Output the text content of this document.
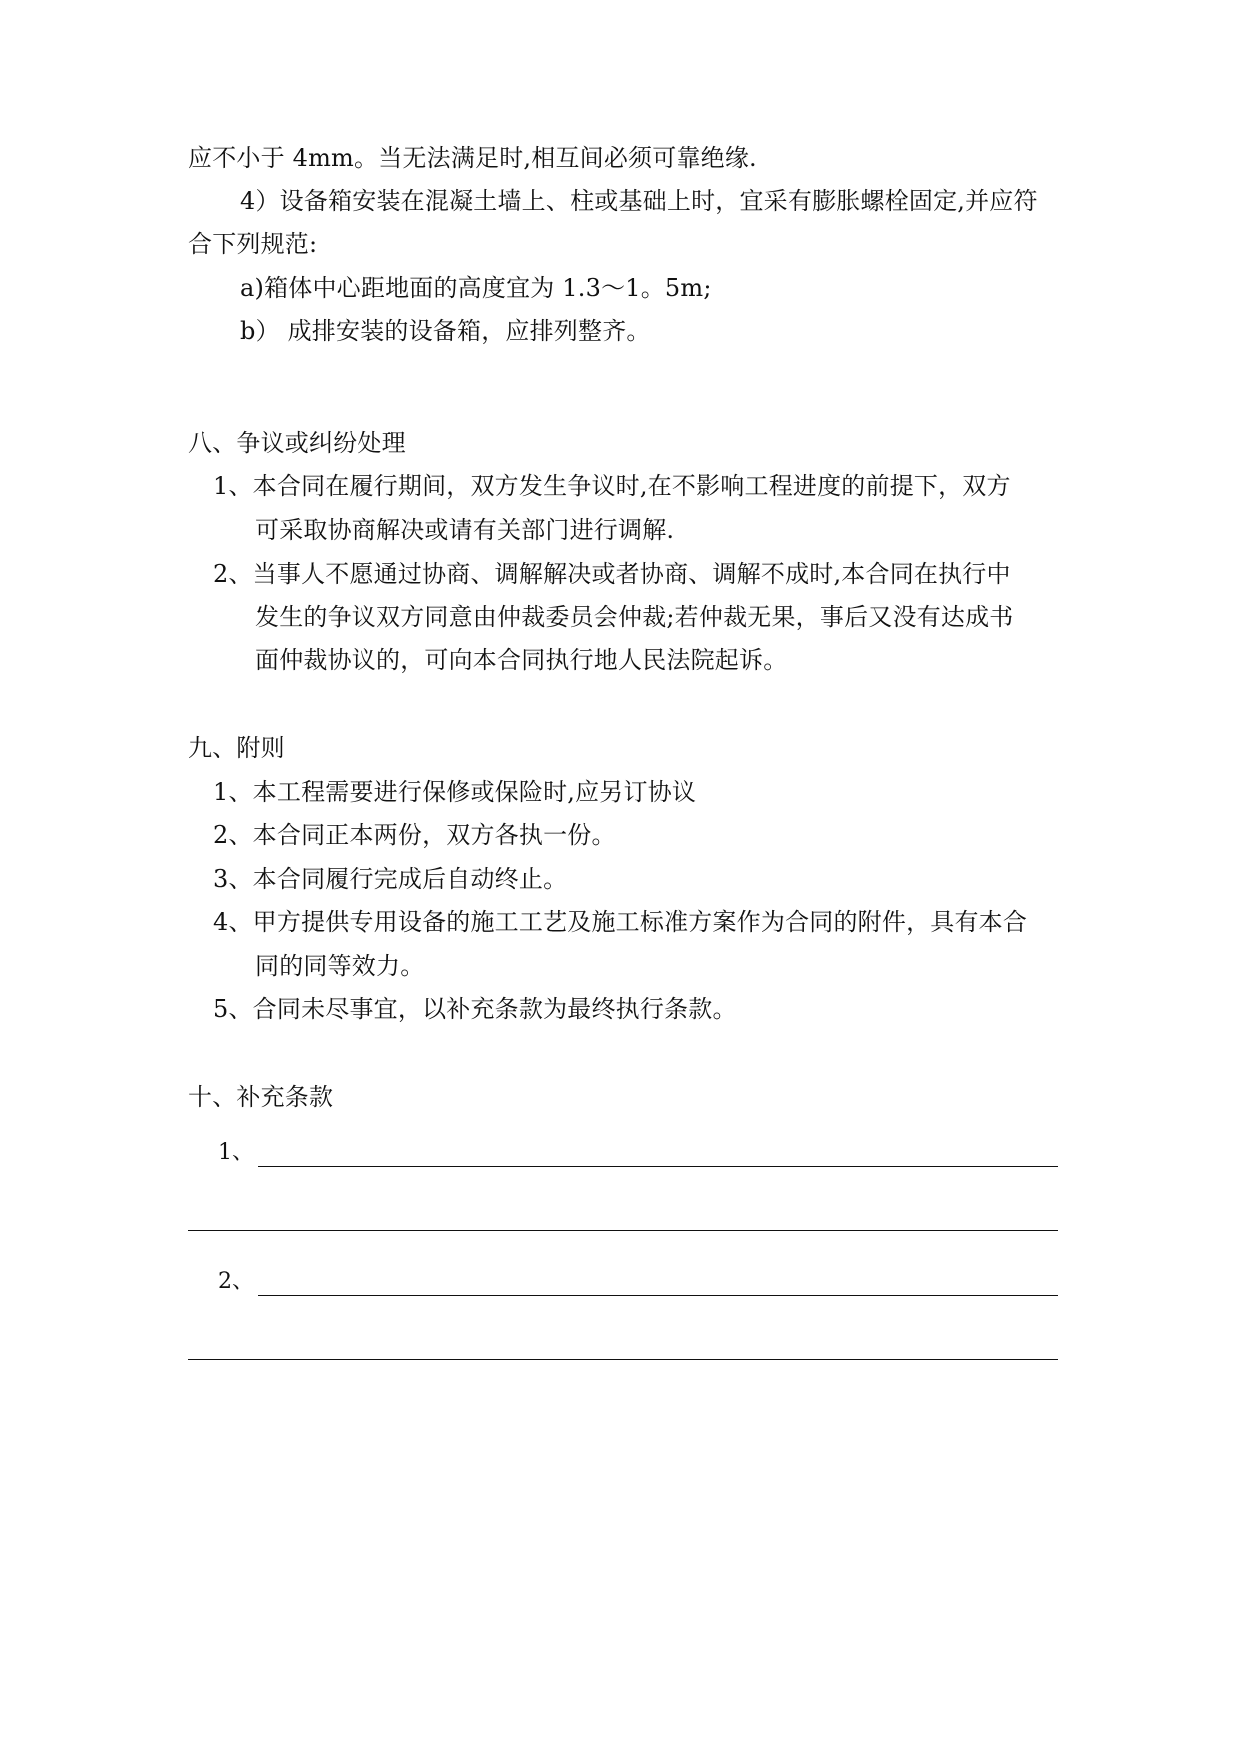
应不小于 4mm。当无法满足时,相互间必须可靠绝缘.
4）设备箱安装在混凝土墙上、柱或基础上时，宜采有膨胀螺栓固定,并应符
合下列规范:
a)箱体中心距地面的高度宜为 1.3～1。5m;
b） 成排安装的设备箱，应排列整齐。
八、争议或纠纷处理
1、本合同在履行期间，双方发生争议时,在不影响工程进度的前提下，双方
可采取协商解决或请有关部门进行调解.
2、当事人不愿通过协商、调解解决或者协商、调解不成时,本合同在执行中
发生的争议双方同意由仲裁委员会仲裁;若仲裁无果，事后又没有达成书
面仲裁协议的，可向本合同执行地人民法院起诉。
九、附则
1、本工程需要进行保修或保险时,应另订协议
2、本合同正本两份，双方各执一份。
3、本合同履行完成后自动终止。
4、甲方提供专用设备的施工工艺及施工标准方案作为合同的附件，具有本合
同的同等效力。
5、合同未尽事宜，以补充条款为最终执行条款。
十、补充条款
1、
2、
